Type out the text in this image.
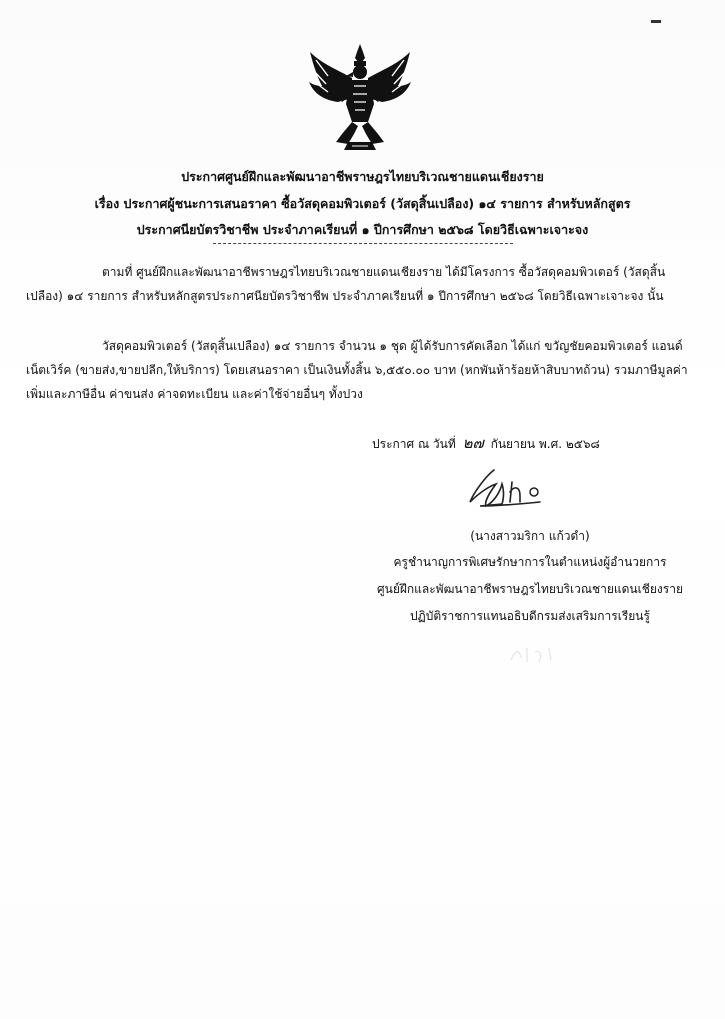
ประกาศศูนย์ฝึกและพัฒนาอาชีพราษฎรไทยบริเวณชายแดนเชียงราย
เรื่อง ประกาศผู้ชนะการเสนอราคา ซื้อวัสดุคอมพิวเตอร์ (วัสดุสิ้นเปลือง) ๑๔ รายการ สำหรับหลักสูตร
ประกาศนียบัตรวิชาชีพ ประจำภาคเรียนที่ ๑ ปีการศึกษา ๒๕๖๘ โดยวิธีเฉพาะเจาะจง
ตามที่ ศูนย์ฝึกและพัฒนาอาชีพราษฎรไทยบริเวณชายแดนเชียงราย ได้มีโครงการ ซื้อวัสดุคอมพิวเตอร์ (วัสดุสิ้นเปลือง) ๑๔ รายการ สำหรับหลักสูตรประกาศนียบัตรวิชาชีพ ประจำภาคเรียนที่ ๑ ปีการศึกษา ๒๕๖๘ โดยวิธีเฉพาะเจาะจง นั้น
วัสดุคอมพิวเตอร์ (วัสดุสิ้นเปลือง) ๑๔ รายการ จำนวน ๑ ชุด ผู้ได้รับการคัดเลือก ได้แก่ ขวัญชัยคอมพิวเตอร์ แอนด์ เน็ตเวิร์ค (ขายส่ง,ขายปลีก,ให้บริการ) โดยเสนอราคา เป็นเงินทั้งสิ้น ๖,๕๕๐.๐๐ บาท (หกพันห้าร้อยห้าสิบบาทถ้วน) รวมภาษีมูลค่าเพิ่มและภาษีอื่น ค่าขนส่ง ค่าจดทะเบียน และค่าใช้จ่ายอื่นๆ ทั้งปวง
ประกาศ ณ วันที่ ๒๗ กันยายน พ.ศ. ๒๕๖๘
(นางสาวมริกา แก้วดำ)
ครูชำนาญการพิเศษรักษาการในตำแหน่งผู้อำนวยการ
ศูนย์ฝึกและพัฒนาอาชีพราษฎรไทยบริเวณชายแดนเชียงราย
ปฏิบัติราชการแทนอธิบดีกรมส่งเสริมการเรียนรู้
